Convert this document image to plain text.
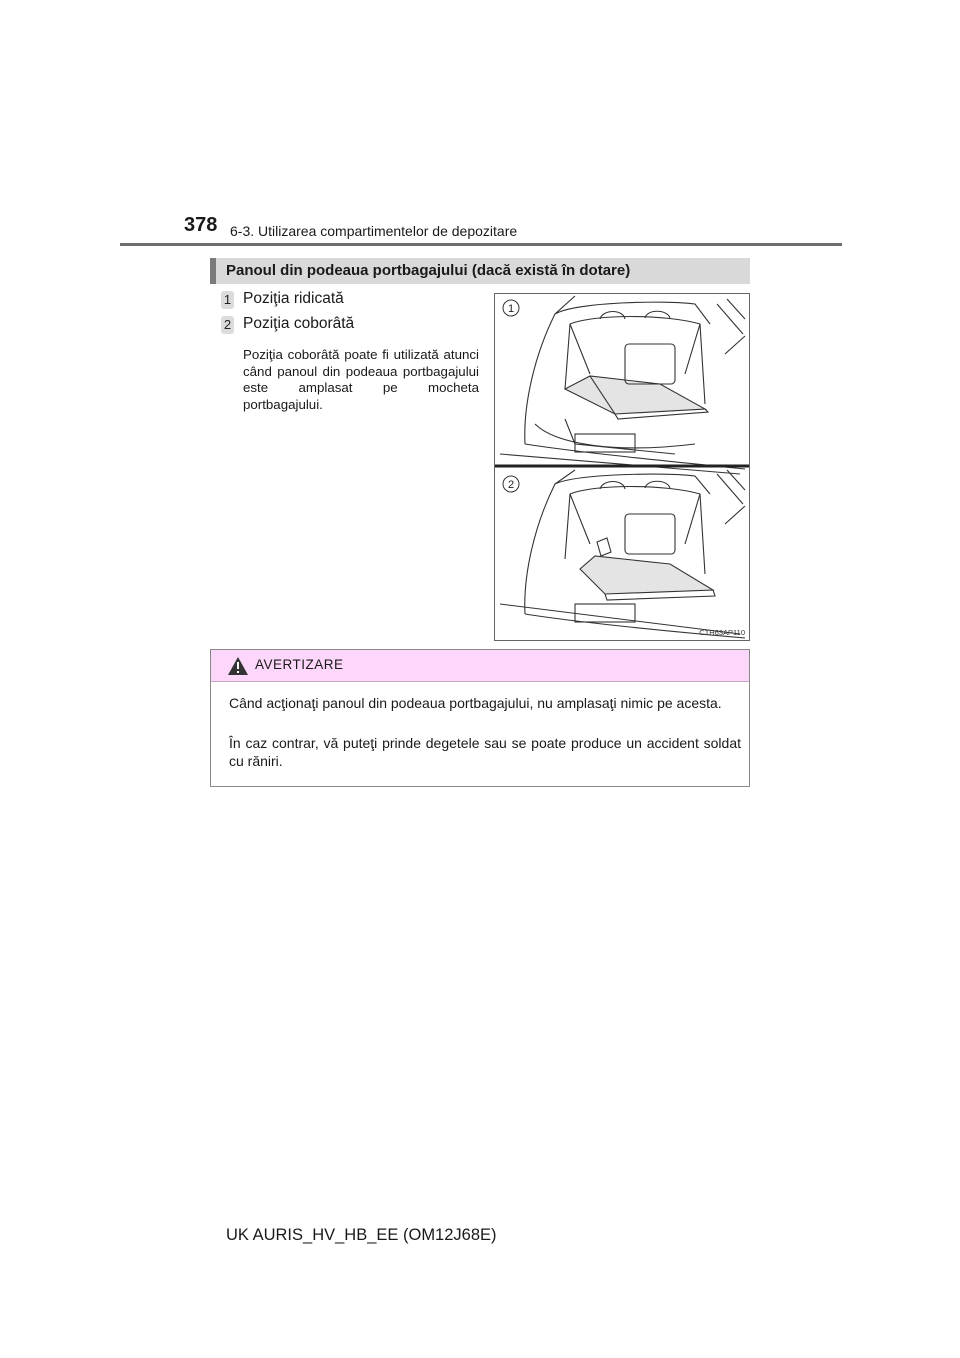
378 6-3. Utilizarea compartimentelor de depozitare
Panoul din podeaua portbagajului (dacă există în dotare)
1 Poziţia ridicată
2 Poziţia coborâtă
Poziţia coborâtă poate fi utilizată atunci când panoul din podeaua portbagajului este amplasat pe mocheta portbagajului.
1
2
CTH63AP110
AVERTIZARE
Când acţionaţi panoul din podeaua portbagajului, nu amplasaţi nimic pe acesta.
În caz contrar, vă puteţi prinde degetele sau se poate produce un accident soldat cu răniri.
UK AURIS_HV_HB_EE (OM12J68E)
